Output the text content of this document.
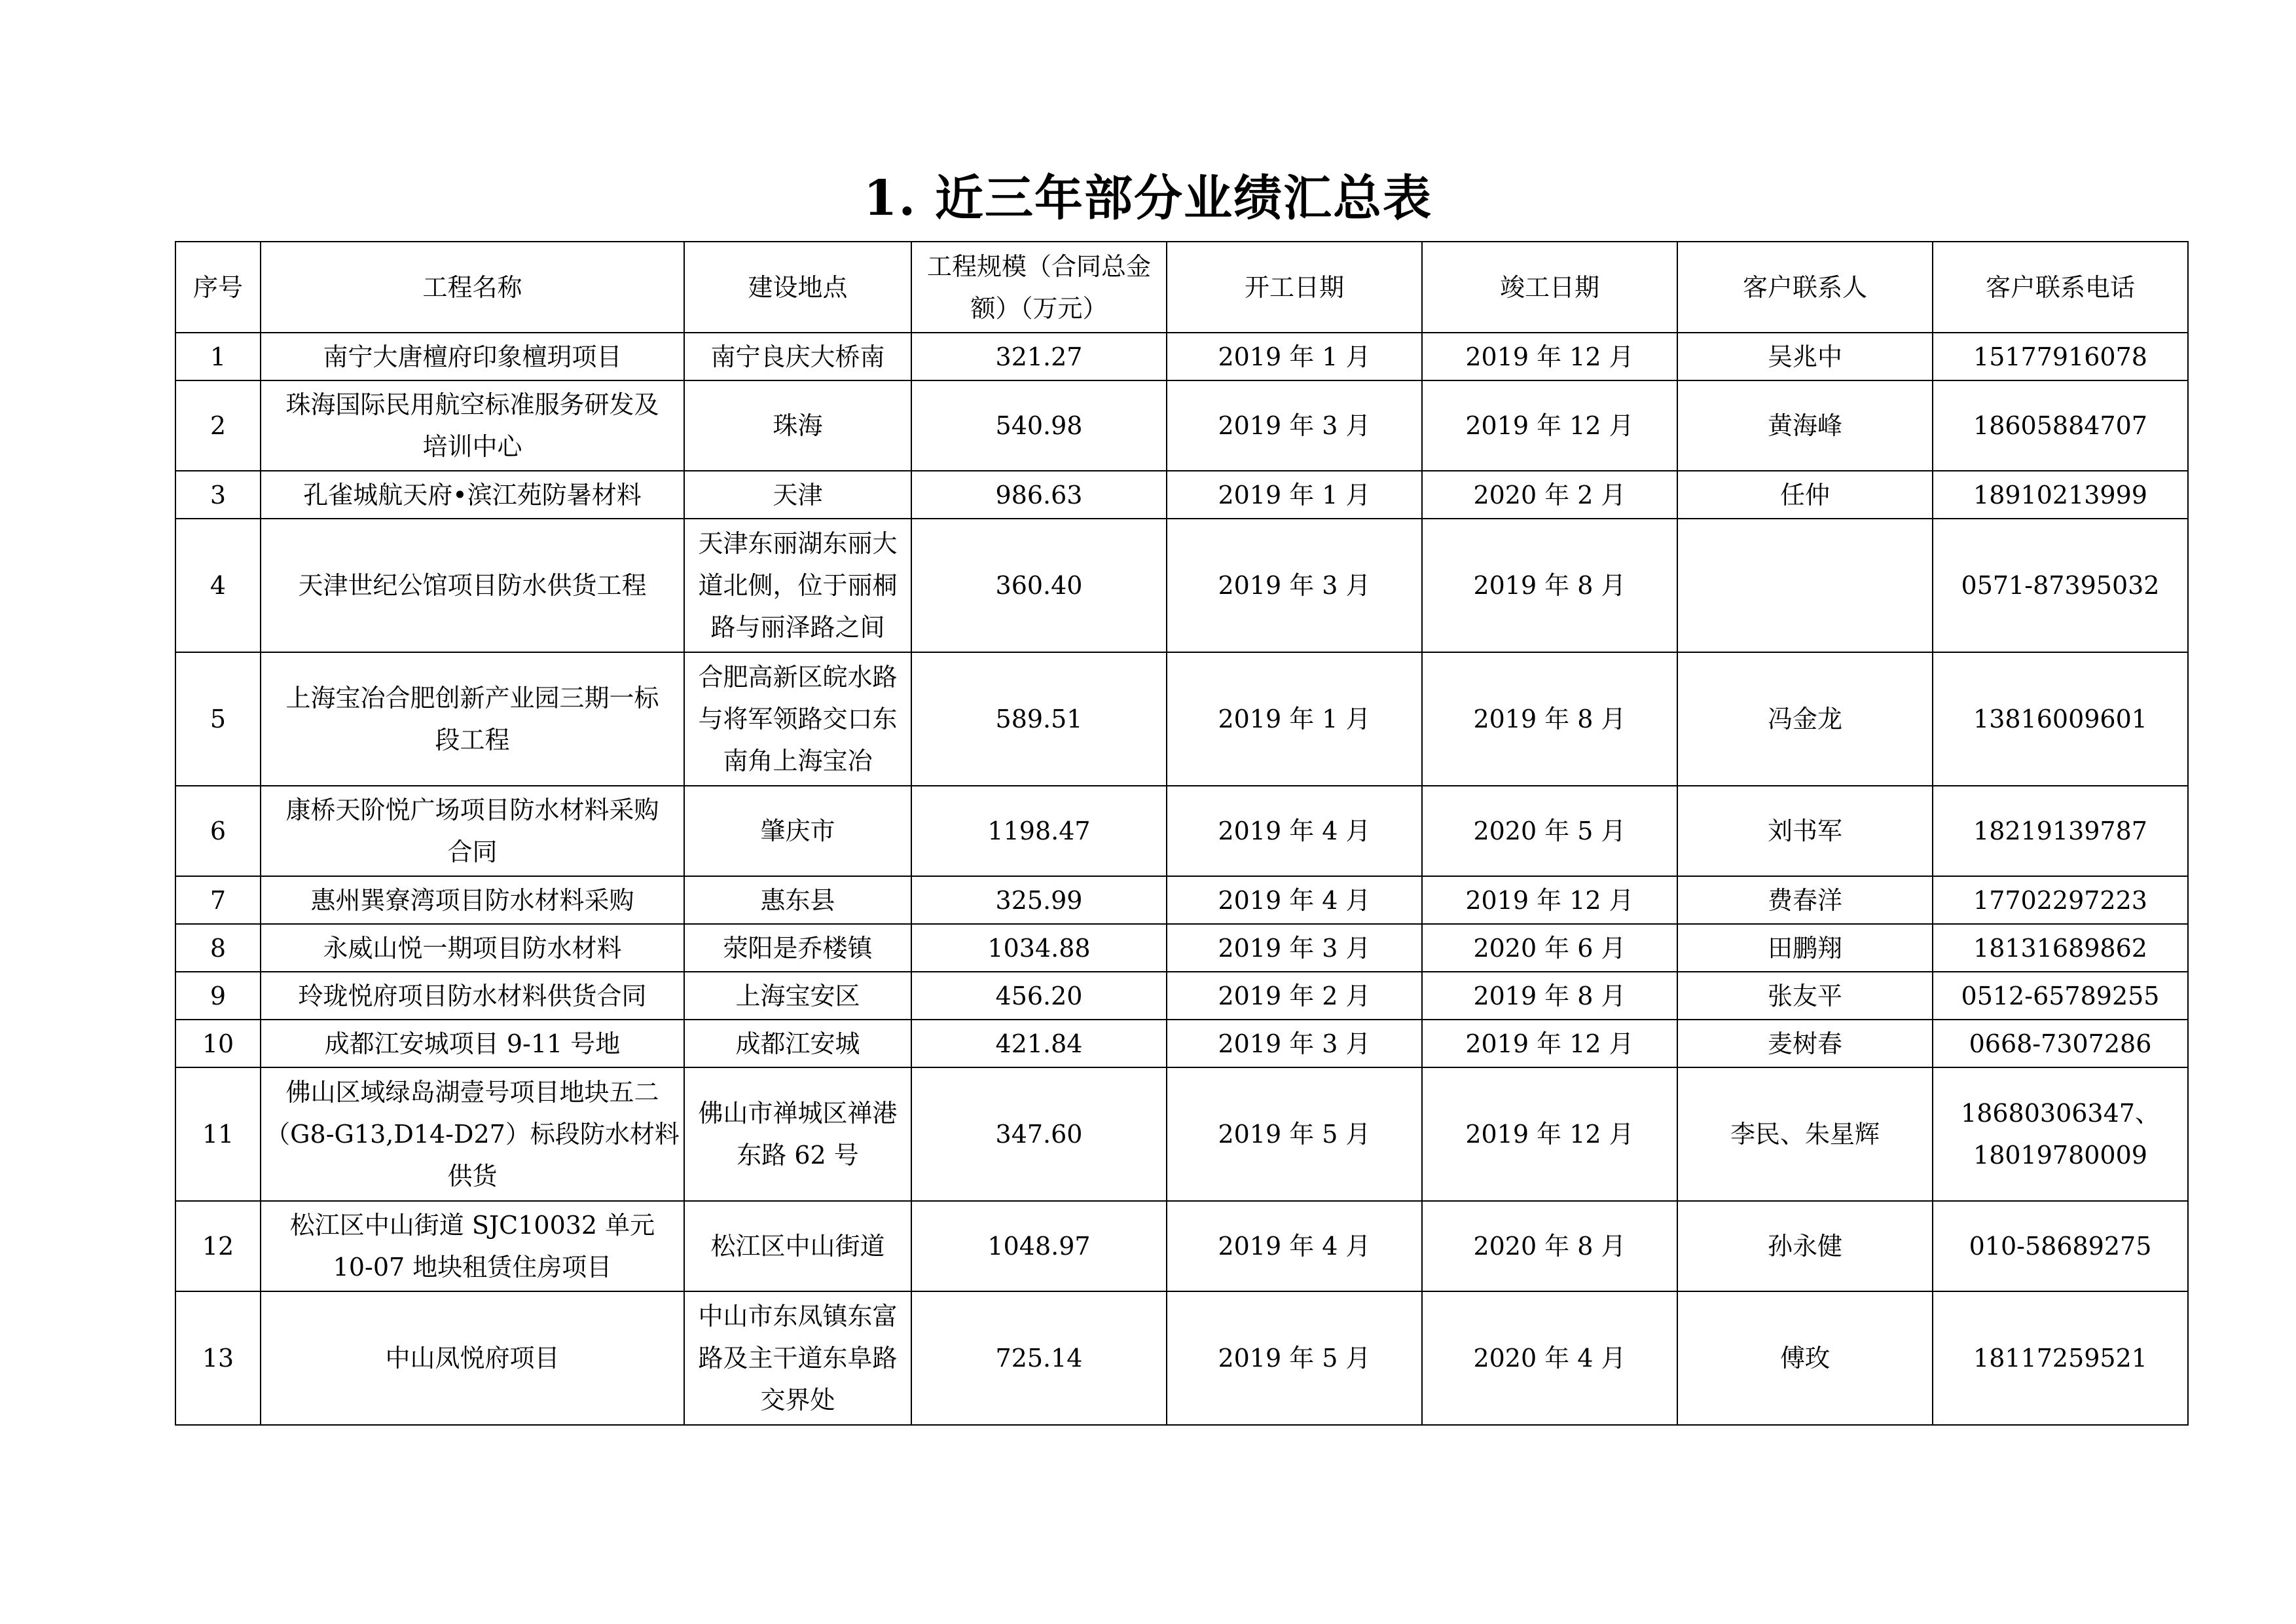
1. 近三年部分业绩汇总表
序号	工程名称	建设地点	工程规模（合同总金
额）（万元）	开工日期	竣工日期	客户联系人	客户联系电话
1	南宁大唐檀府印象檀玥项目	南宁良庆大桥南	321.27	2019 年 1 月	2019 年 12 月	吴兆中	15177916078

2	珠海国际民用航空标准服务研发及
培训中心	珠海	540.98	2019 年 3 月	2019 年 12 月	黄海峰	18605884707

3	孔雀城航天府•滨江苑防暑材料	天津	986.63	2019 年 1 月	2020 年 2 月	任仲	18910213999

4	天津世纪公馆项目防水供货工程	天津东丽湖东丽大
道北侧，位于丽桐
路与丽泽路之间	360.40	2019 年 3 月	2019 年 8 月		0571-87395032

5	上海宝冶合肥创新产业园三期一标
段工程	合肥高新区皖水路
与将军领路交口东
南角上海宝冶	589.51	2019 年 1 月	2019 年 8 月	冯金龙	13816009601

6	康桥天阶悦广场项目防水材料采购
合同	肇庆市	1198.47	2019 年 4 月	2020 年 5 月	刘书军	18219139787

7	惠州巽寮湾项目防水材料采购	惠东县	325.99	2019 年 4 月	2019 年 12 月	费春洋	17702297223

8	永威山悦一期项目防水材料	荥阳是乔楼镇	1034.88	2019 年 3 月	2020 年 6 月	田鹏翔	18131689862

9	玲珑悦府项目防水材料供货合同	上海宝安区	456.20	2019 年 2 月	2019 年 8 月	张友平	0512-65789255

10	成都江安城项目 9-11 号地	成都江安城	421.84	2019 年 3 月	2019 年 12 月	麦树春	0668-7307286

11	佛山区域绿岛湖壹号项目地块五二
（G8-G13,D14-D27）标段防水材料
供货	佛山市禅城区禅港
东路 62 号	347.60	2019 年 5 月	2019 年 12 月	李民、朱星辉	18680306347、
18019780009

12	松江区中山街道 SJC10032 单元
10-07 地块租赁住房项目	松江区中山街道	1048.97	2019 年 4 月	2020 年 8 月	孙永健	010-58689275

13	中山凤悦府项目	中山市东凤镇东富
路及主干道东阜路
交界处	725.14	2019 年 5 月	2020 年 4 月	傅玫	18117259521
